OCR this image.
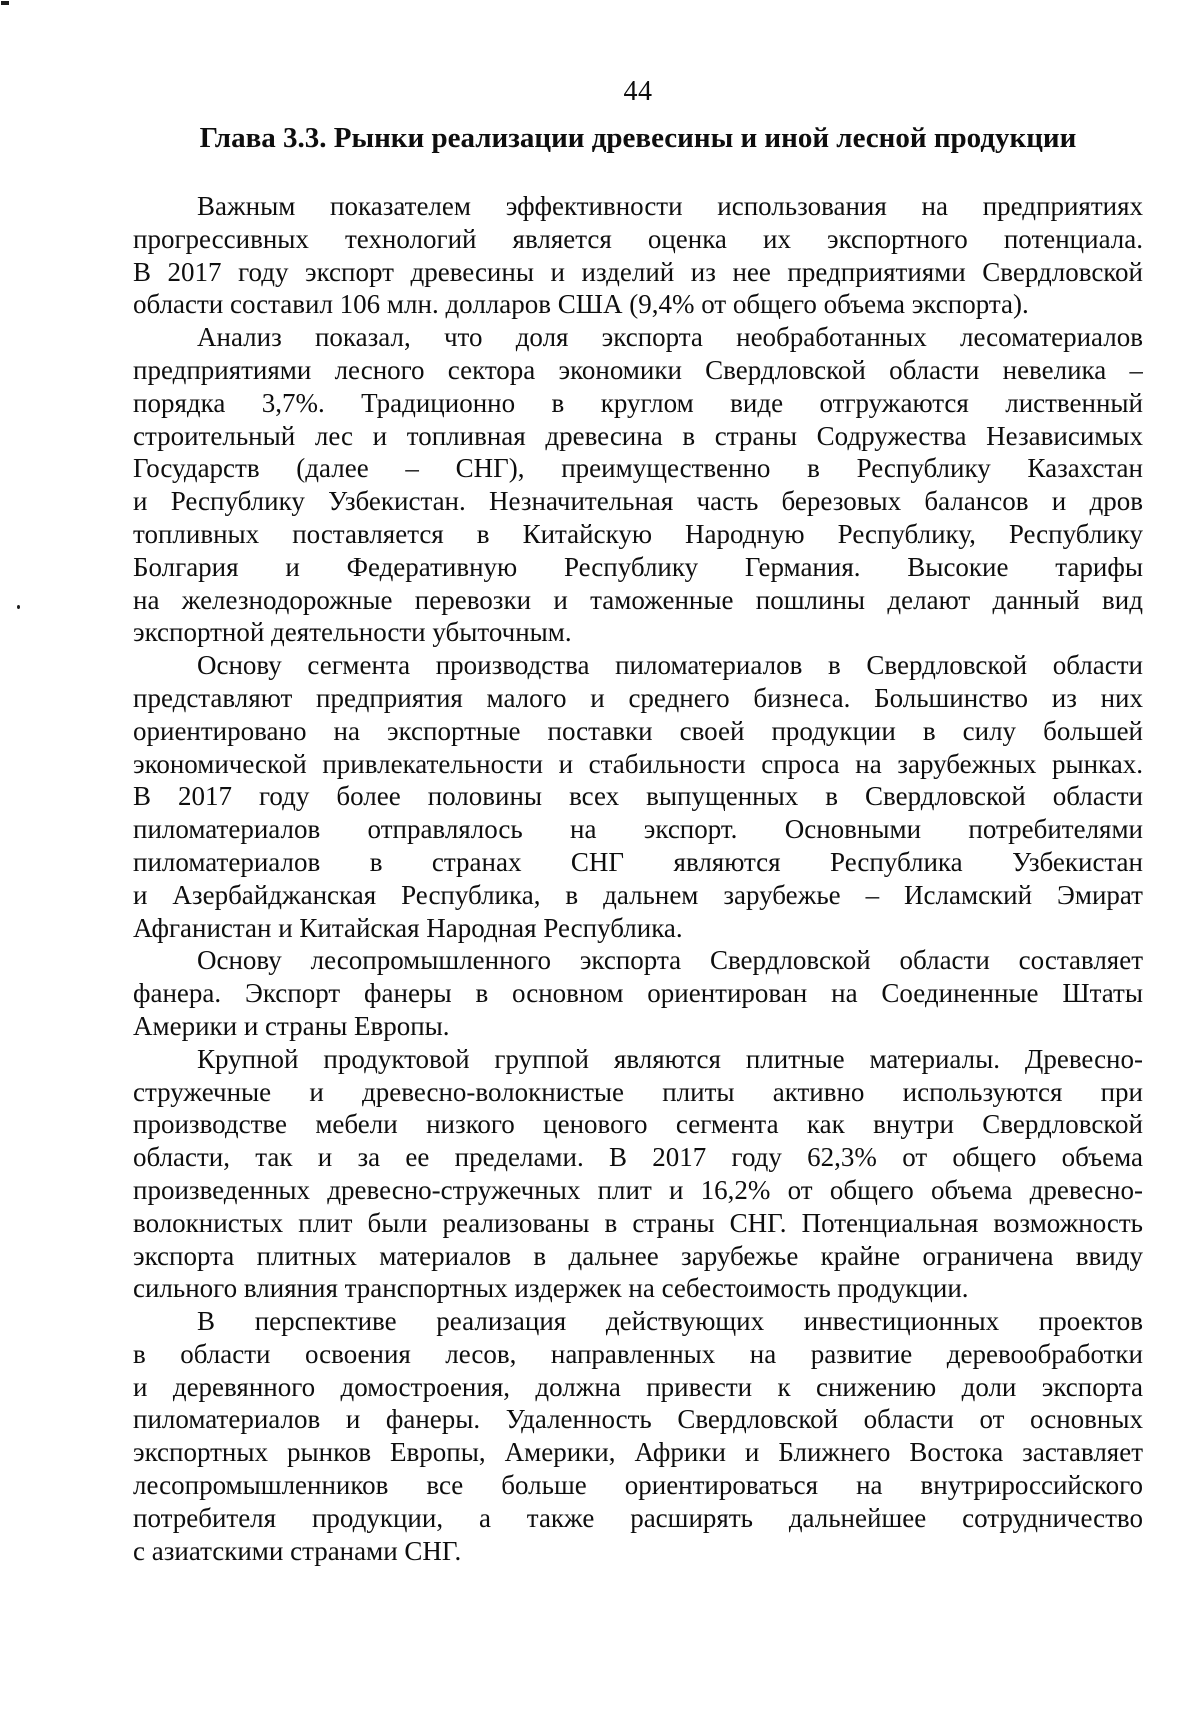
44
Глава 3.3. Рынки реализации древесины и иной лесной продукции
Важным показателем эффективности использования на предприятиях
прогрессивных технологий является оценка их экспортного потенциала.
В 2017 году экспорт древесины и изделий из нее предприятиями Свердловской
области составил 106 млн. долларов США (9,4% от общего объема экспорта).
Анализ показал, что доля экспорта необработанных лесоматериалов
предприятиями лесного сектора экономики Свердловской области невелика –
порядка 3,7%. Традиционно в круглом виде отгружаются лиственный
строительный лес и топливная древесина в страны Содружества Независимых
Государств (далее – СНГ), преимущественно в Республику Казахстан
и Республику Узбекистан. Незначительная часть березовых балансов и дров
топливных поставляется в Китайскую Народную Республику, Республику
Болгария и Федеративную Республику Германия. Высокие тарифы
на железнодорожные перевозки и таможенные пошлины делают данный вид
экспортной деятельности убыточным.
Основу сегмента производства пиломатериалов в Свердловской области
представляют предприятия малого и среднего бизнеса. Большинство из них
ориентировано на экспортные поставки своей продукции в силу большей
экономической привлекательности и стабильности спроса на зарубежных рынках.
В 2017 году более половины всех выпущенных в Свердловской области
пиломатериалов отправлялось на экспорт. Основными потребителями
пиломатериалов в странах СНГ являются Республика Узбекистан
и Азербайджанская Республика, в дальнем зарубежье – Исламский Эмират
Афганистан и Китайская Народная Республика.
Основу лесопромышленного экспорта Свердловской области составляет
фанера. Экспорт фанеры в основном ориентирован на Соединенные Штаты
Америки и страны Европы.
Крупной продуктовой группой являются плитные материалы. Древесно-
стружечные и древесно-волокнистые плиты активно используются при
производстве мебели низкого ценового сегмента как внутри Свердловской
области, так и за ее пределами. В 2017 году 62,3% от общего объема
произведенных древесно-стружечных плит и 16,2% от общего объема древесно-
волокнистых плит были реализованы в страны СНГ. Потенциальная возможность
экспорта плитных материалов в дальнее зарубежье крайне ограничена ввиду
сильного влияния транспортных издержек на себестоимость продукции.
В перспективе реализация действующих инвестиционных проектов
в области освоения лесов, направленных на развитие деревообработки
и деревянного домостроения, должна привести к снижению доли экспорта
пиломатериалов и фанеры. Удаленность Свердловской области от основных
экспортных рынков Европы, Америки, Африки и Ближнего Востока заставляет
лесопромышленников все больше ориентироваться на внутрироссийского
потребителя продукции, а также расширять дальнейшее сотрудничество
с азиатскими странами СНГ.
